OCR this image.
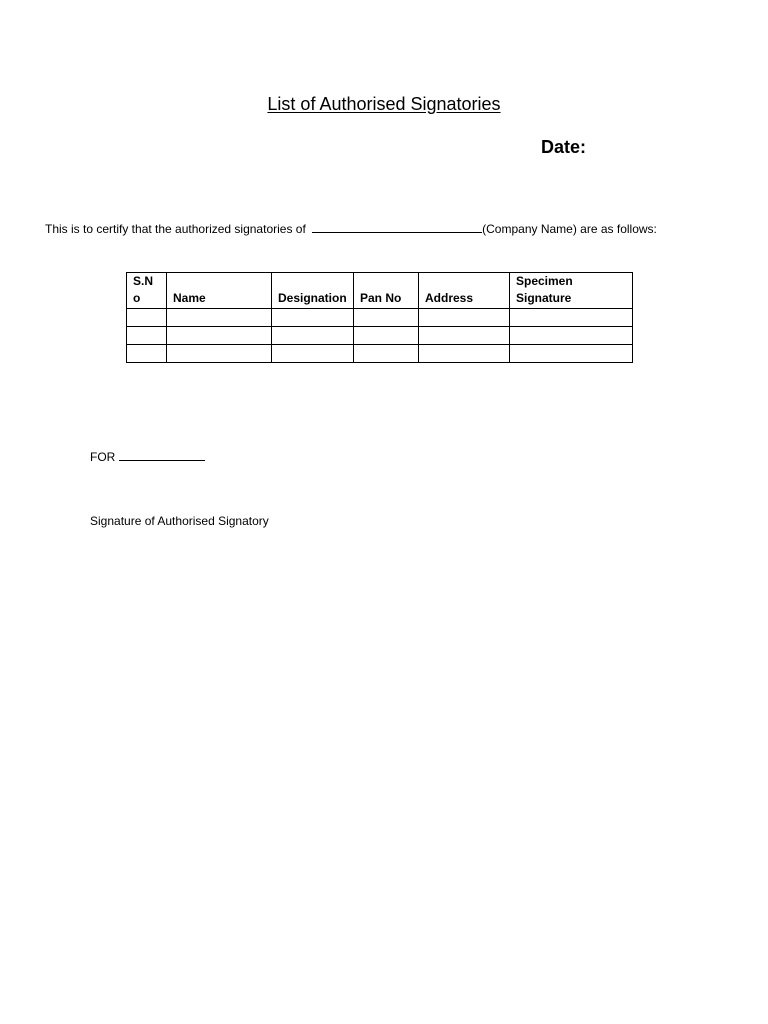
List of Authorised Signatories
Date:
This is to certify that the authorized signatories of	(Company Name) are as follows:
S.N o	Name	Designation	Pan No	Address	Specimen Signature

FOR
Signature of Authorised Signatory
